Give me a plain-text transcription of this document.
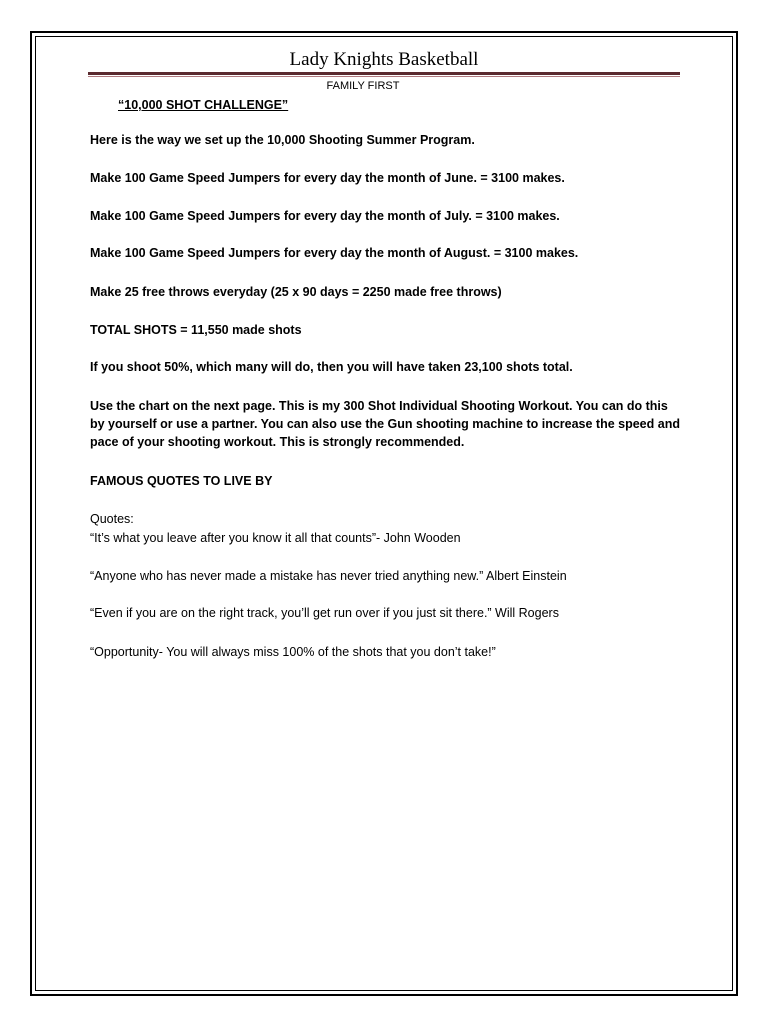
Lady Knights Basketball
FAMILY FIRST
“10,000 SHOT CHALLENGE”
Here is the way we set up the 10,000 Shooting Summer Program.
Make 100 Game Speed Jumpers for every day the month of June. = 3100 makes.
Make 100 Game Speed Jumpers for every day the month of July. = 3100 makes.
Make 100 Game Speed Jumpers for every day the month of August. = 3100 makes.
Make 25 free throws everyday (25 x 90 days = 2250 made free throws)
TOTAL SHOTS = 11,550 made shots
If you shoot 50%, which many will do, then you will have taken 23,100 shots total.
Use the chart on the next page. This is my 300 Shot Individual Shooting Workout. You can do this by yourself or use a partner. You can also use the Gun shooting machine to increase the speed and pace of your shooting workout. This is strongly recommended.
FAMOUS QUOTES TO LIVE BY
Quotes:
“It’s what you leave after you know it all that counts”- John Wooden
“Anyone who has never made a mistake has never tried anything new.” Albert Einstein
“Even if you are on the right track, you’ll get run over if you just sit there.” Will Rogers
“Opportunity- You will always miss 100% of the shots that you don’t take!”
